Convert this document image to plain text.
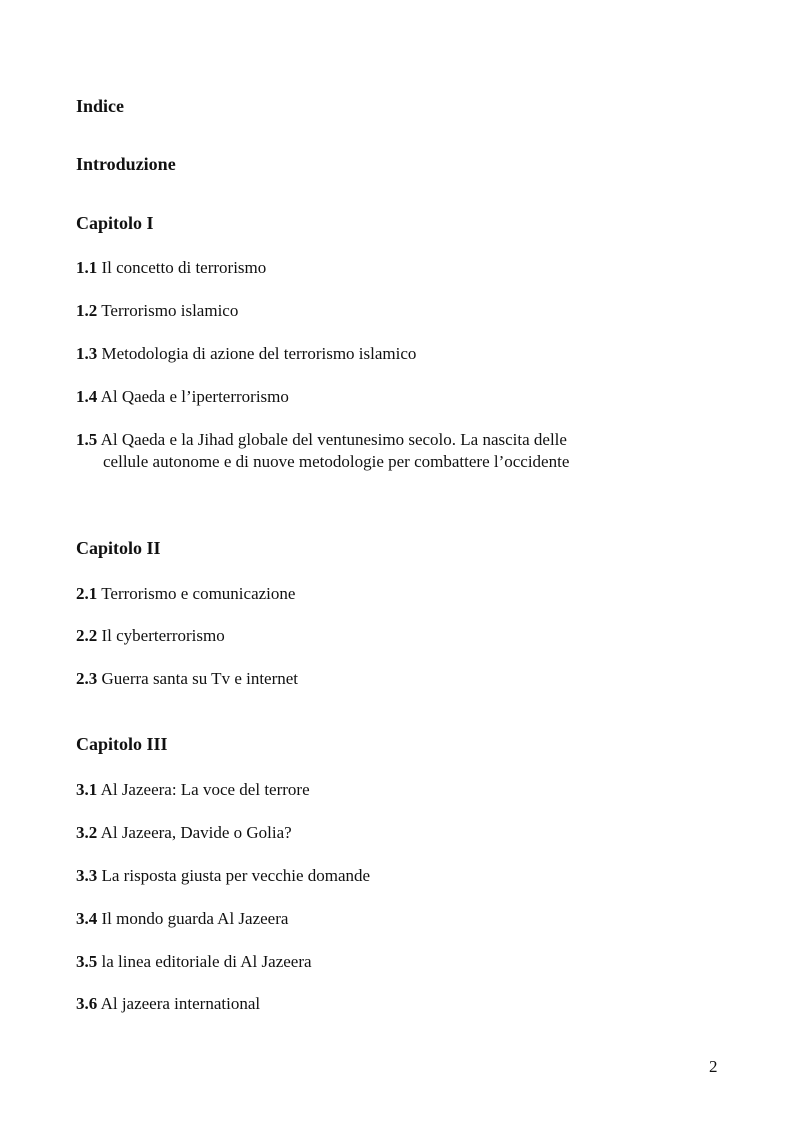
Indice
Introduzione
Capitolo I
1.1 Il concetto di terrorismo
1.2 Terrorismo islamico
1.3 Metodologia di azione del terrorismo islamico
1.4 Al Qaeda e l’iperterrorismo
1.5 Al Qaeda e la Jihad globale del ventunesimo secolo. La nascita delle
cellule autonome e di nuove metodologie per combattere l’occidente
Capitolo II
2.1 Terrorismo e comunicazione
2.2 Il cyberterrorismo
2.3 Guerra santa su Tv e internet
Capitolo III
3.1 Al Jazeera: La voce del terrore
3.2 Al Jazeera, Davide o Golia?
3.3 La risposta giusta per vecchie domande
3.4 Il mondo guarda Al Jazeera
3.5 la linea editoriale di Al Jazeera
3.6 Al jazeera international
2
